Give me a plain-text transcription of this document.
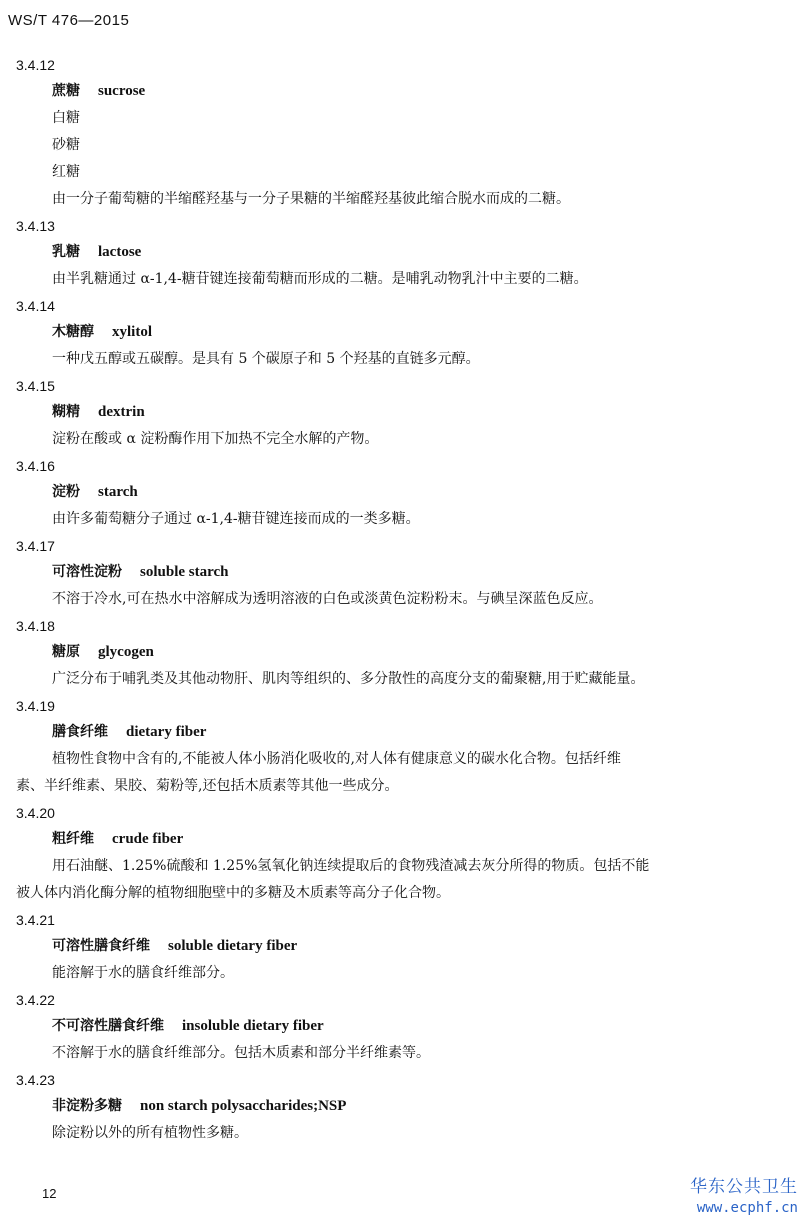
WS/T 476—2015
3.4.12
蔗糖 sucrose
白糖
砂糖
红糖
由一分子葡萄糖的半缩醛羟基与一分子果糖的半缩醛羟基彼此缩合脱水而成的二糖。
3.4.13
乳糖 lactose
由半乳糖通过 α-1,4-糖苷键连接葡萄糖而形成的二糖。是哺乳动物乳汁中主要的二糖。
3.4.14
木糖醇 xylitol
一种戊五醇或五碳醇。是具有 5 个碳原子和 5 个羟基的直链多元醇。
3.4.15
糊精 dextrin
淀粉在酸或 α 淀粉酶作用下加热不完全水解的产物。
3.4.16
淀粉 starch
由许多葡萄糖分子通过 α-1,4-糖苷键连接而成的一类多糖。
3.4.17
可溶性淀粉 soluble starch
不溶于冷水,可在热水中溶解成为透明溶液的白色或淡黄色淀粉粉末。与碘呈深蓝色反应。
3.4.18
糖原 glycogen
广泛分布于哺乳类及其他动物肝、肌肉等组织的、多分散性的高度分支的葡聚糖,用于贮藏能量。
3.4.19
膳食纤维 dietary fiber
植物性食物中含有的,不能被人体小肠消化吸收的,对人体有健康意义的碳水化合物。包括纤维
素、半纤维素、果胶、菊粉等,还包括木质素等其他一些成分。
3.4.20
粗纤维 crude fiber
用石油醚、1.25%硫酸和 1.25%氢氧化钠连续提取后的食物残渣减去灰分所得的物质。包括不能
被人体内消化酶分解的植物细胞壁中的多糖及木质素等高分子化合物。
3.4.21
可溶性膳食纤维 soluble dietary fiber
能溶解于水的膳食纤维部分。
3.4.22
不可溶性膳食纤维 insoluble dietary fiber
不溶解于水的膳食纤维部分。包括木质素和部分半纤维素等。
3.4.23
非淀粉多糖 non starch polysaccharides;NSP
除淀粉以外的所有植物性多糖。
12	华东公共卫生
www.ecphf.cn
